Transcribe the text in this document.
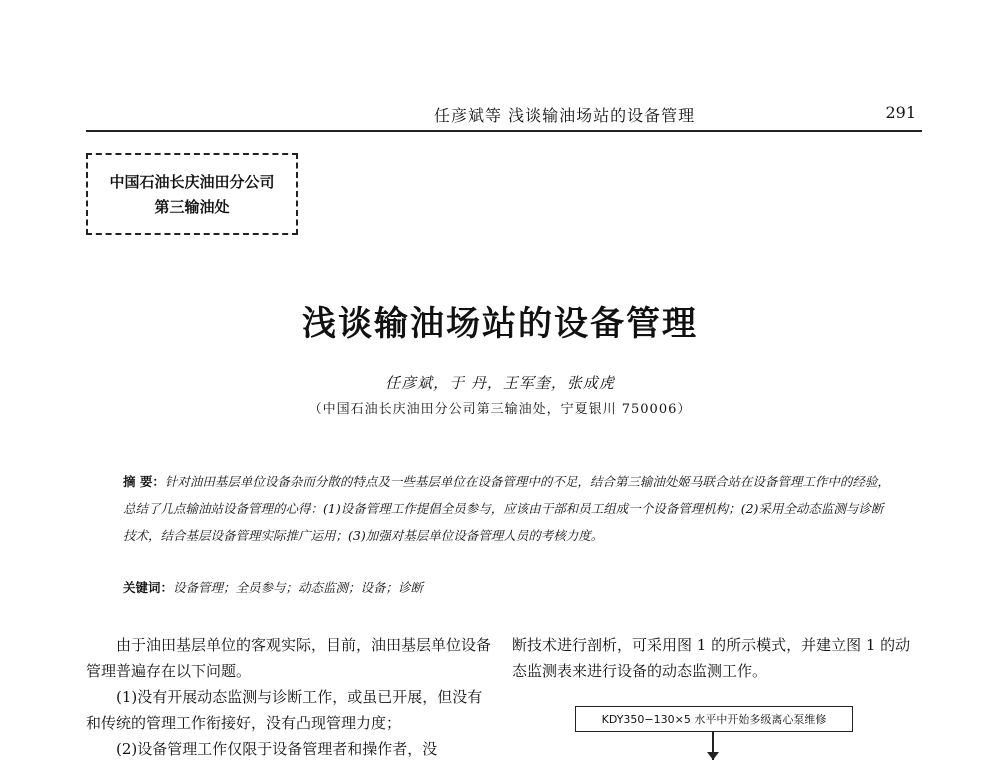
任彦斌等 浅谈输油场站的设备管理	291
中国石油长庆油田分公司
第三输油处
浅谈输油场站的设备管理
任彦斌，于 丹，王军奎，张成虎
（中国石油长庆油田分公司第三输油处，宁夏银川 750006）
摘 要：针对油田基层单位设备杂而分散的特点及一些基层单位在设备管理中的不足，结合第三输油处姬马联合站在设备管理工作中的经验，总结了几点输油站设备管理的心得：(1)设备管理工作提倡全员参与，应该由干部和员工组成一个设备管理机构；(2)采用全动态监测与诊断技术，结合基层设备管理实际推广运用；(3)加强对基层单位设备管理人员的考核力度。
关键词：设备管理；全员参与；动态监测；设备；诊断

由于油田基层单位的客观实际，目前，油田基层单位设备管理普遍存在以下问题。

(1)没有开展动态监测与诊断工作，或虽已开展，但没有和传统的管理工作衔接好，没有凸现管理力度；

(2)设备管理工作仅限于设备管理者和操作者，没

断技术进行剖析，可采用图 1 的所示模式，并建立图 1 的动态监测表来进行设备的动态监测工作。

KDY350−130×5 水平中开始多级离心泵维修
